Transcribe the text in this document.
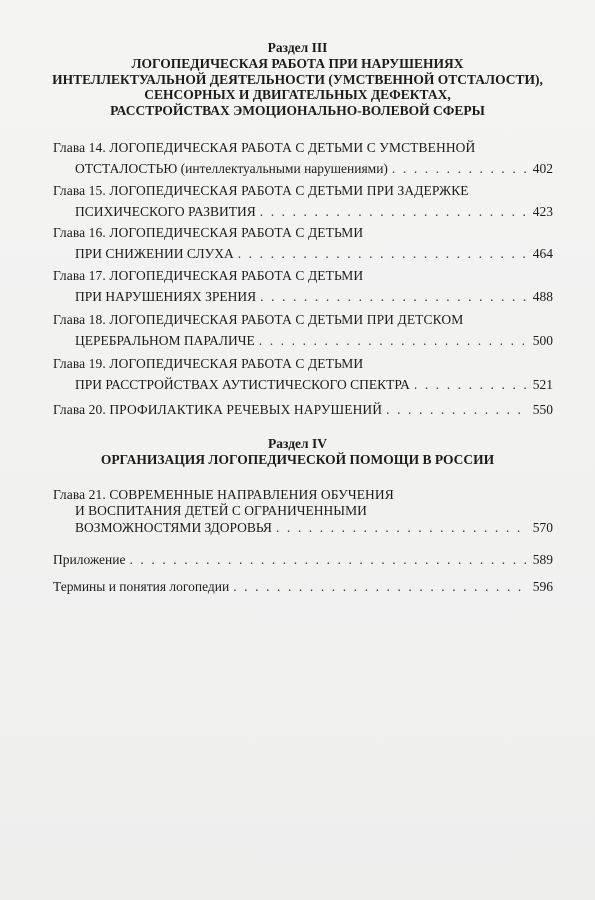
Раздел III
ЛОГОПЕДИЧЕСКАЯ РАБОТА ПРИ НАРУШЕНИЯХ
ИНТЕЛЛЕКТУАЛЬНОЙ ДЕЯТЕЛЬНОСТИ (УМСТВЕННОЙ ОТСТАЛОСТИ),
СЕНСОРНЫХ И ДВИГАТЕЛЬНЫХ ДЕФЕКТАХ,
РАССТРОЙСТВАХ ЭМОЦИОНАЛЬНО-ВОЛЕВОЙ СФЕРЫ
Глава 14. ЛОГОПЕДИЧЕСКАЯ РАБОТА С ДЕТЬМИ С УМСТВЕННОЙ
ОТСТАЛОСТЬЮ (интеллектуальными нарушениями) . . .	402
Глава 15. ЛОГОПЕДИЧЕСКАЯ РАБОТА С ДЕТЬМИ ПРИ ЗАДЕРЖКЕ
ПСИХИЧЕСКОГО РАЗВИТИЯ . . .	423
Глава 16. ЛОГОПЕДИЧЕСКАЯ РАБОТА С ДЕТЬМИ
ПРИ СНИЖЕНИИ СЛУХА . . .	464
Глава 17. ЛОГОПЕДИЧЕСКАЯ РАБОТА С ДЕТЬМИ
ПРИ НАРУШЕНИЯХ ЗРЕНИЯ . . .	488
Глава 18. ЛОГОПЕДИЧЕСКАЯ РАБОТА С ДЕТЬМИ ПРИ ДЕТСКОМ
ЦЕРЕБРАЛЬНОМ ПАРАЛИЧЕ . . .	500
Глава 19. ЛОГОПЕДИЧЕСКАЯ РАБОТА С ДЕТЬМИ
ПРИ РАССТРОЙСТВАХ АУТИСТИЧЕСКОГО СПЕКТРА . . .	521
Глава 20. ПРОФИЛАКТИКА РЕЧЕВЫХ НАРУШЕНИЙ . . .	550
Раздел IV
ОРГАНИЗАЦИЯ ЛОГОПЕДИЧЕСКОЙ ПОМОЩИ В РОССИИ
Глава 21. СОВРЕМЕННЫЕ НАПРАВЛЕНИЯ ОБУЧЕНИЯ
И ВОСПИТАНИЯ ДЕТЕЙ С ОГРАНИЧЕННЫМИ
ВОЗМОЖНОСТЯМИ ЗДОРОВЬЯ . . .	570
Приложение . . .	589
Термины и понятия логопедии . . .	596
